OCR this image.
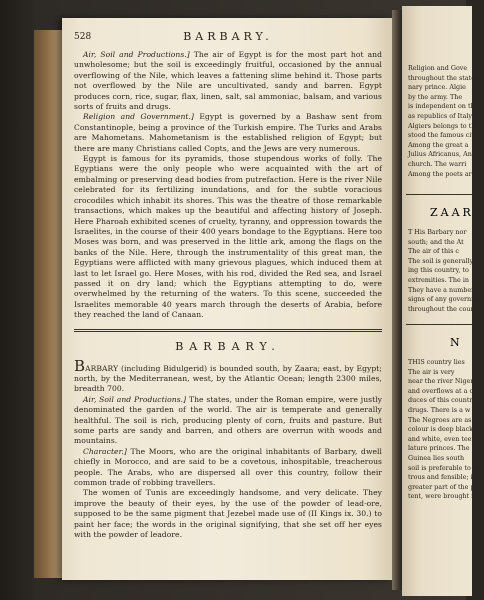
528	BARBARY.

Air, Soil and Productions.] The air of Egypt is for the most part hot and unwholesome; but the soil is exceedingly fruitful, occasioned by the annual overflowing of the Nile, which leaves a fattening slime behind it. Those parts not overflowed by the Nile are uncultivated, sandy and barren. Egypt produces corn, rice, sugar, flax, linen, salt, sal ammoniac, balsam, and various sorts of fruits and drugs.

Religion and Government.] Egypt is governed by a Bashaw sent from Constantinople, being a province of the Turkish empire. The Turks and Arabs are Mahometans. Mahometanism is the established religion of Egypt; but there are many Christians called Copts, and the Jews are very numerous.

Egypt is famous for its pyramids, those stupendous works of folly. The Egyptians were the only people who were acquainted with the art of embalming or preserving dead bodies from putrefaction. Here is the river Nile celebrated for its fertilizing inundations, and for the subtle voracious crocodiles which inhabit its shores. This was the theatre of those remarkable transactions, which makes up the beautiful and affecting history of Joseph. Here Pharoah exhibited scenes of cruelty, tyranny, and oppression towards the Israelites, in the course of their 400 years bondage to the Egyptians. Here too Moses was born, and was preserved in the little ark, among the flags on the banks of the Nile. Here, through the instrumentality of this great man, the Egyptians were afflicted with many grievous plagues, which induced them at last to let Israel go. Here Moses, with his rod, divided the Red sea, and Israel passed it on dry land; which the Egyptians attempting to do, were overwhelmed by the returning of the waters. To this scene, succeeded the Israelites memorable 40 years march through the deserts of Arabia, before they reached the land of Canaan.

BARBARY.

BARBARY (including Bidulgerid) is bounded south, by Zaara; east, by Egypt; north, by the Mediterranean, west, by the Atlantic Ocean; length 2300 miles, breadth 700.

Air, Soil and Productions.] The states, under the Roman empire, were justly denominated the garden of the world. The air is temperate and generally healthful. The soil is rich, producing plenty of corn, fruits and pasture. But some parts are sandy and barren, and others are overrun with woods and mountains.

Character.] The Moors, who are the original inhabitants of Barbary, dwell chiefly in Morocco, and are said to be a covetous, inhospitable, treacherous people. The Arabs, who are dispersed all over this country, follow their common trade of robbing travellers.

The women of Tunis are exceedingly handsome, and very delicate. They improve the beauty of their eyes, by the use of the powder of lead-ore, supposed to be the same pigment that Jezebel made use of (II Kings ix. 30.) to paint her face; the words in the original signifying, that she set off her eyes with the powder of leadore.

Religion and Gove
throughout the states
nary prince. Algie
by the army. The
is independent on th
as republics of Italy
Algiers belongs to th
stood the famous city
Among the great a
Julius Africanus, An
church. The warri
Among the poets are,
ZAAR
T His Barbary nor
south; and the At
The air of this c
The soil is generally
ing this country, to
extremities. The in
They have a number
signs of any governme
throughout the country
N
THIS country lies
The air is very
near the river Niger,
and overflows at a cer
duces of this country a
drugs. There is a w
The Negroes are as
colour is deep black,
and white, even teeth
lature princes. The
Guinea lies south
soil is preferable to th
trous and fensible; in
greater part of the po
tent, were brought f
